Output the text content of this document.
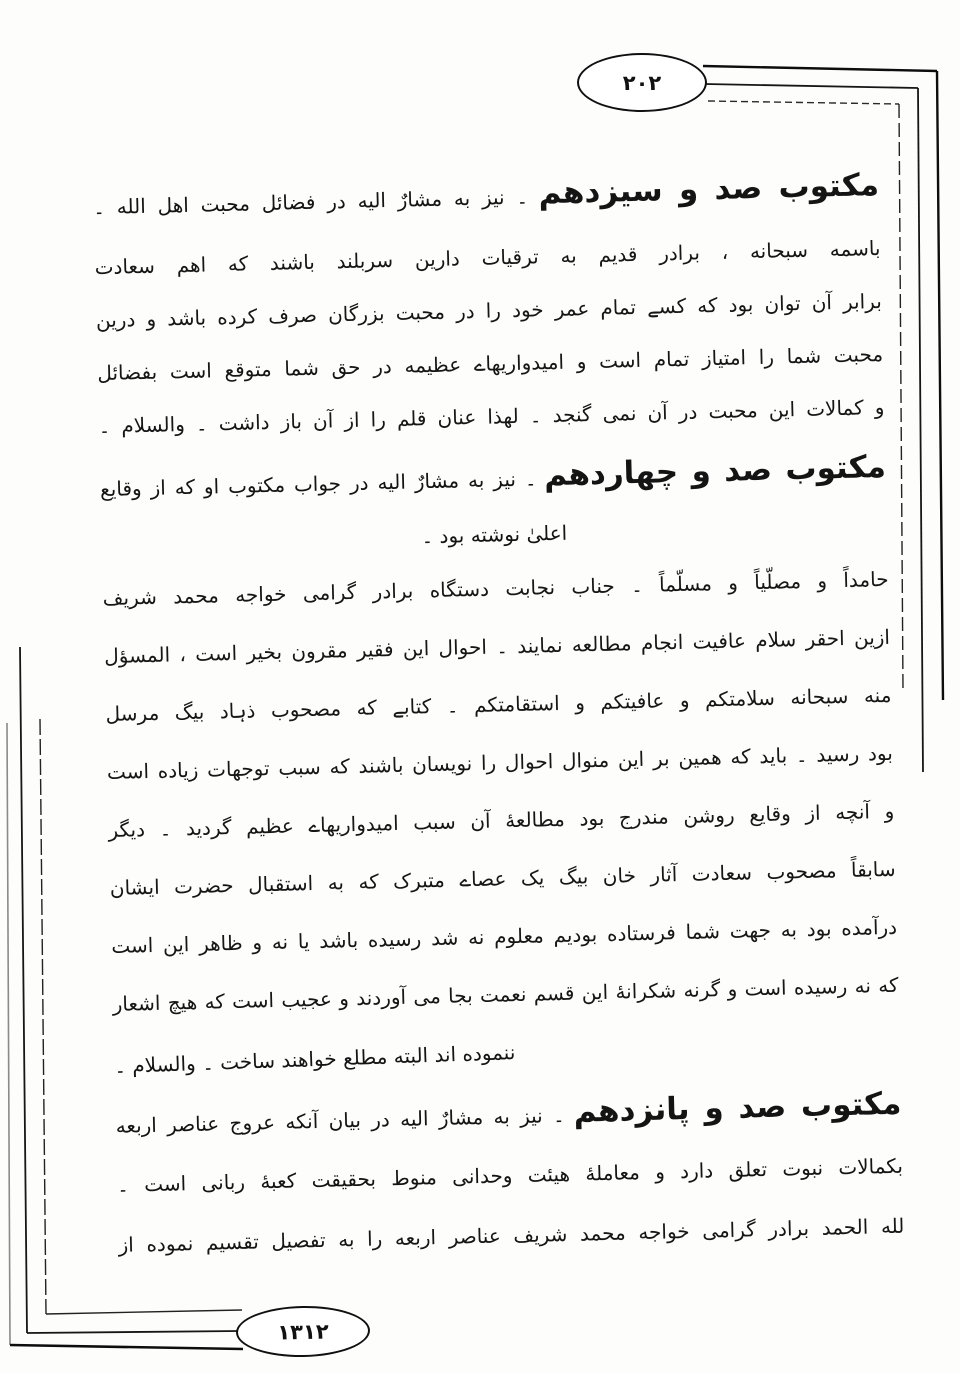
۲۰۲
۱۳۱۲
مکتوب صد و سیزدهم ۔ نیز به مشارٌ الیه در فضائل محبت اهل الله ۔
باسمه سبحانه ، برادر قدیم به ترقیات دارین سربلند باشند که اهم سعادت
برابر آن توان بود که کسے تمام عمر خود را در محبت بزرگان صرف کرده باشد و درین
محبت شما را امتیاز تمام است و امیدواریهاے عظیمه در حق شما متوقع است بفضائل
و کمالات این محبت در آن نمی گنجد ۔ لهذا عنان قلم را از آن باز داشت ۔ والسلام ۔
مکتوب صد و چهاردهم ۔ نیز به مشارٌ الیه در جواب مکتوب او که از وقایع
اعلیٰ نوشته بود ۔
حامداً و مصلّیاً و مسلّماً ۔ جناب نجابت دستگاه برادر گرامی خواجه محمد شریف
ازین احقر سلام عافیت انجام مطالعه نمایند ۔ احوال این فقیر مقرون بخیر است ، المسؤل
منه سبحانه سلامتکم و عافیتکم و استقامتکم ۔ کتابے که مصحوب ذہاد بیگ مرسل
بود رسید ۔ باید که همین بر این منوال احوال را نویسان باشند که سبب توجهات زیاده است
و آنچه از وقایع روشن مندرج بود مطالعهٔ آن سبب امیدواریهاے عظیم گردید ۔ دیگر
سابقاً مصحوب سعادت آثار خان بیگ یک عصاے متبرک که به استقبال حضرت ایشان
درآمده بود به جهت شما فرستاده بودیم معلوم نه شد رسیده باشد یا نه و ظاهر این است
که نه رسیده است و گرنه شکرانهٔ این قسم نعمت بجا می آوردند و عجیب است که هیچ اشعار
ننموده اند البته مطلع خواهند ساخت ۔ والسلام ۔
مکتوب صد و پانزدهم ۔ نیز به مشارٌ الیه در بیان آنکه عروج عناصر اربعه
بکمالات نبوت تعلق دارد و معاملهٔ هیئت وحدانی منوط بحقیقت کعبهٔ ربانی است ۔
لله الحمد برادر گرامی خواجه محمد شریف عناصر اربعه را به تفصیل تقسیم نموده از
